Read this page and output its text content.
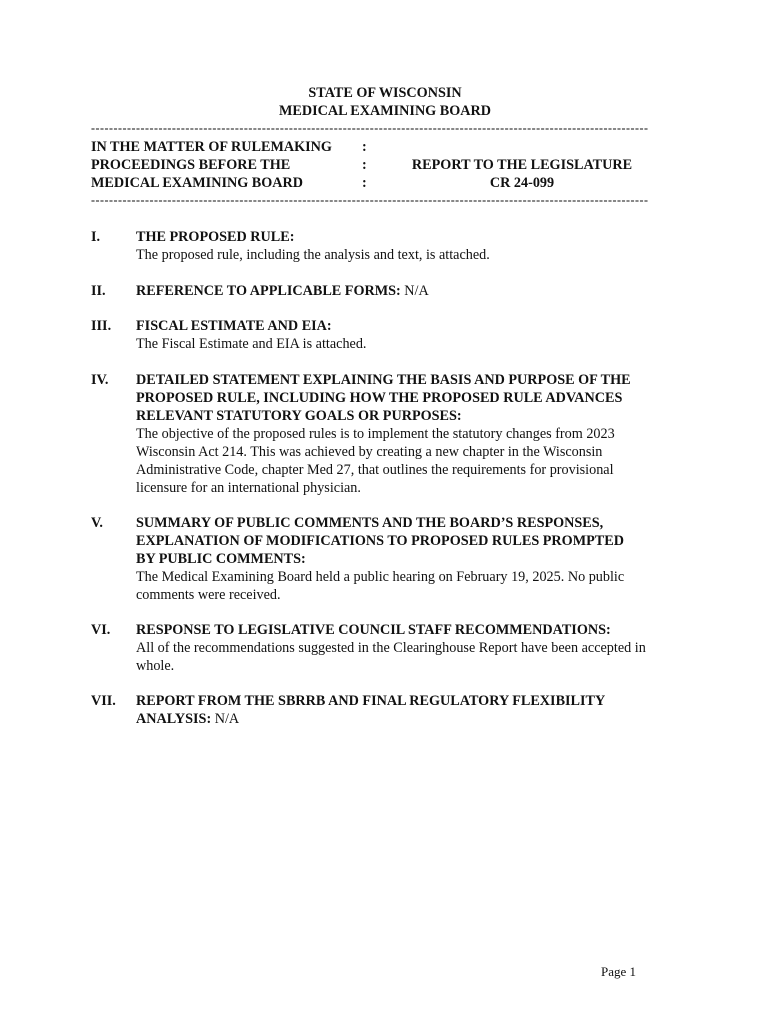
STATE OF WISCONSIN
MEDICAL EXAMINING BOARD
----------------------------------------------------------------------------------------------------------------------------
IN THE MATTER OF RULEMAKING
PROCEEDINGS BEFORE THE
MEDICAL EXAMINING BOARD
:
:
:
REPORT TO THE LEGISLATURE
CR 24-099
----------------------------------------------------------------------------------------------------------------------------
I.	THE PROPOSED RULE:
The proposed rule, including the analysis and text, is attached.
II. REFERENCE TO APPLICABLE FORMS: N/A
III. FISCAL ESTIMATE AND EIA:
The Fiscal Estimate and EIA is attached.
IV. DETAILED STATEMENT EXPLAINING THE BASIS AND PURPOSE OF THE
PROPOSED RULE, INCLUDING HOW THE PROPOSED RULE ADVANCES
RELEVANT STATUTORY GOALS OR PURPOSES:
The objective of the proposed rules is to implement the statutory changes from 2023
Wisconsin Act 214. This was achieved by creating a new chapter in the Wisconsin
Administrative Code, chapter Med 27, that outlines the requirements for provisional
licensure for an international physician.
V. SUMMARY OF PUBLIC COMMENTS AND THE BOARD’S RESPONSES,
EXPLANATION OF MODIFICATIONS TO PROPOSED RULES PROMPTED
BY PUBLIC COMMENTS:
The Medical Examining Board held a public hearing on February 19, 2025. No public
comments were received.
VI. RESPONSE TO LEGISLATIVE COUNCIL STAFF RECOMMENDATIONS:
All of the recommendations suggested in the Clearinghouse Report have been accepted in
whole.
VII. REPORT FROM THE SBRRB AND FINAL REGULATORY FLEXIBILITY
ANALYSIS: N/A
Page 1
